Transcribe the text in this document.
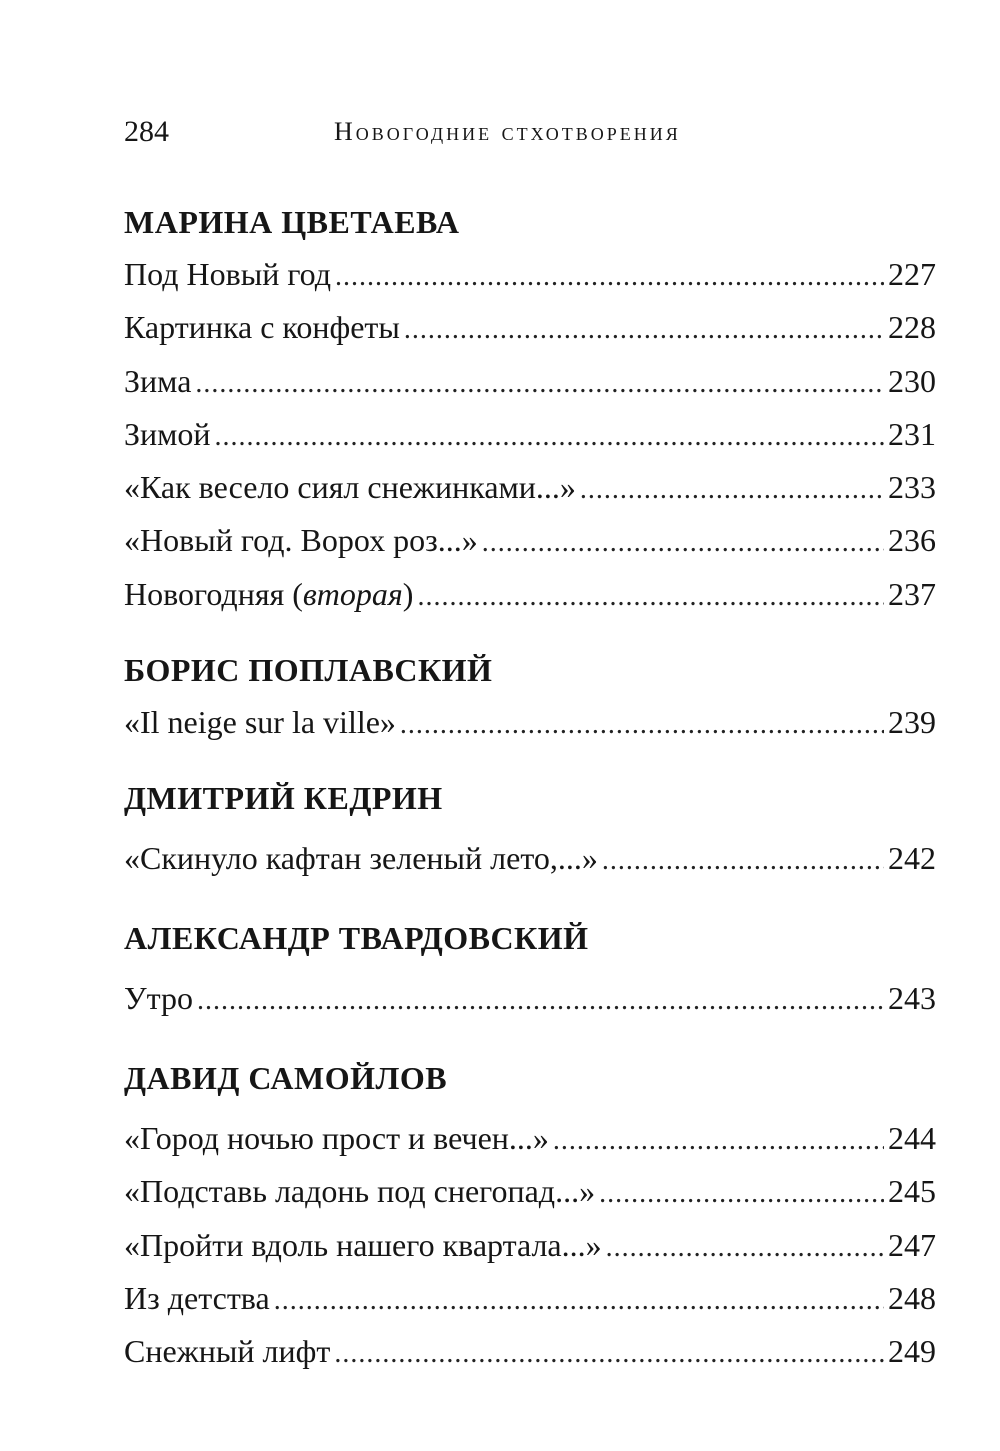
284	Новогодние стхотворения
МАРИНА ЦВЕТАЕВА
Под Новый год . . .	227
Картинка с конфеты . . .	228
Зима . . .	230
Зимой . . .	231
«Как весело сиял снежинками...» . . .	233
«Новый год. Ворох роз...» . . .	236
Новогодняя (вторая) . . .	237
БОРИС ПОПЛАВСКИЙ
«Il neige sur la ville» . . .	239
ДМИТРИЙ КЕДРИН
«Скинуло кафтан зеленый лето,...» . . .	242
АЛЕКСАНДР ТВАРДОВСКИЙ
Утро . . .	243
ДАВИД САМОЙЛОВ
«Город ночью прост и вечен...» . . .	244
«Подставь ладонь под снегопад...» . . .	245
«Пройти вдоль нашего квартала...» . . .	247
Из детства . . .	248
Снежный лифт . . .	249
